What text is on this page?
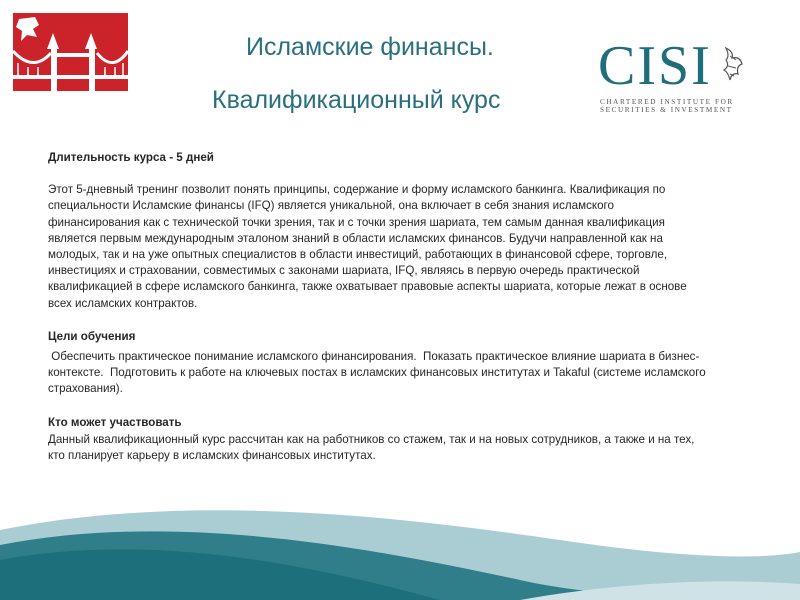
Исламские финансы.
Квалификационный курс
CISI
CHARTERED INSTITUTE FOR
SECURITIES & INVESTMENT

Длительность курса - 5 дней

Этот 5-дневный тренинг позволит понять принципы, содержание и форму исламского банкинга. Квалификация по специальности Исламские финансы (IFQ) является уникальной, она включает в себя знания исламского финансирования как с технической точки зрения, так и с точки зрения шариата, тем самым данная квалификация является первым международным эталоном знаний в области исламских финансов. Будучи направленной как на молодых, так и на уже опытных специалистов в области инвестиций, работающих в финансовой сфере, торговле, инвестициях и страховании, совместимых с законами шариата, IFQ, являясь в первую очередь практической квалификацией в сфере исламского банкинга, также охватывает правовые аспекты шариата, которые лежат в основе всех исламских контрактов.

Цели обучения

Обеспечить практическое понимание исламского финансирования.  Показать практическое влияние шариата в бизнес-контексте.  Подготовить к работе на ключевых постах в исламских финансовых институтах и Takaful (системе исламского страхования).

Кто может участвовать

Данный квалификационный курс рассчитан как на работников со стажем, так и на новых сотрудников, а также и на тех, кто планирует карьеру в исламских финансовых институтах.
